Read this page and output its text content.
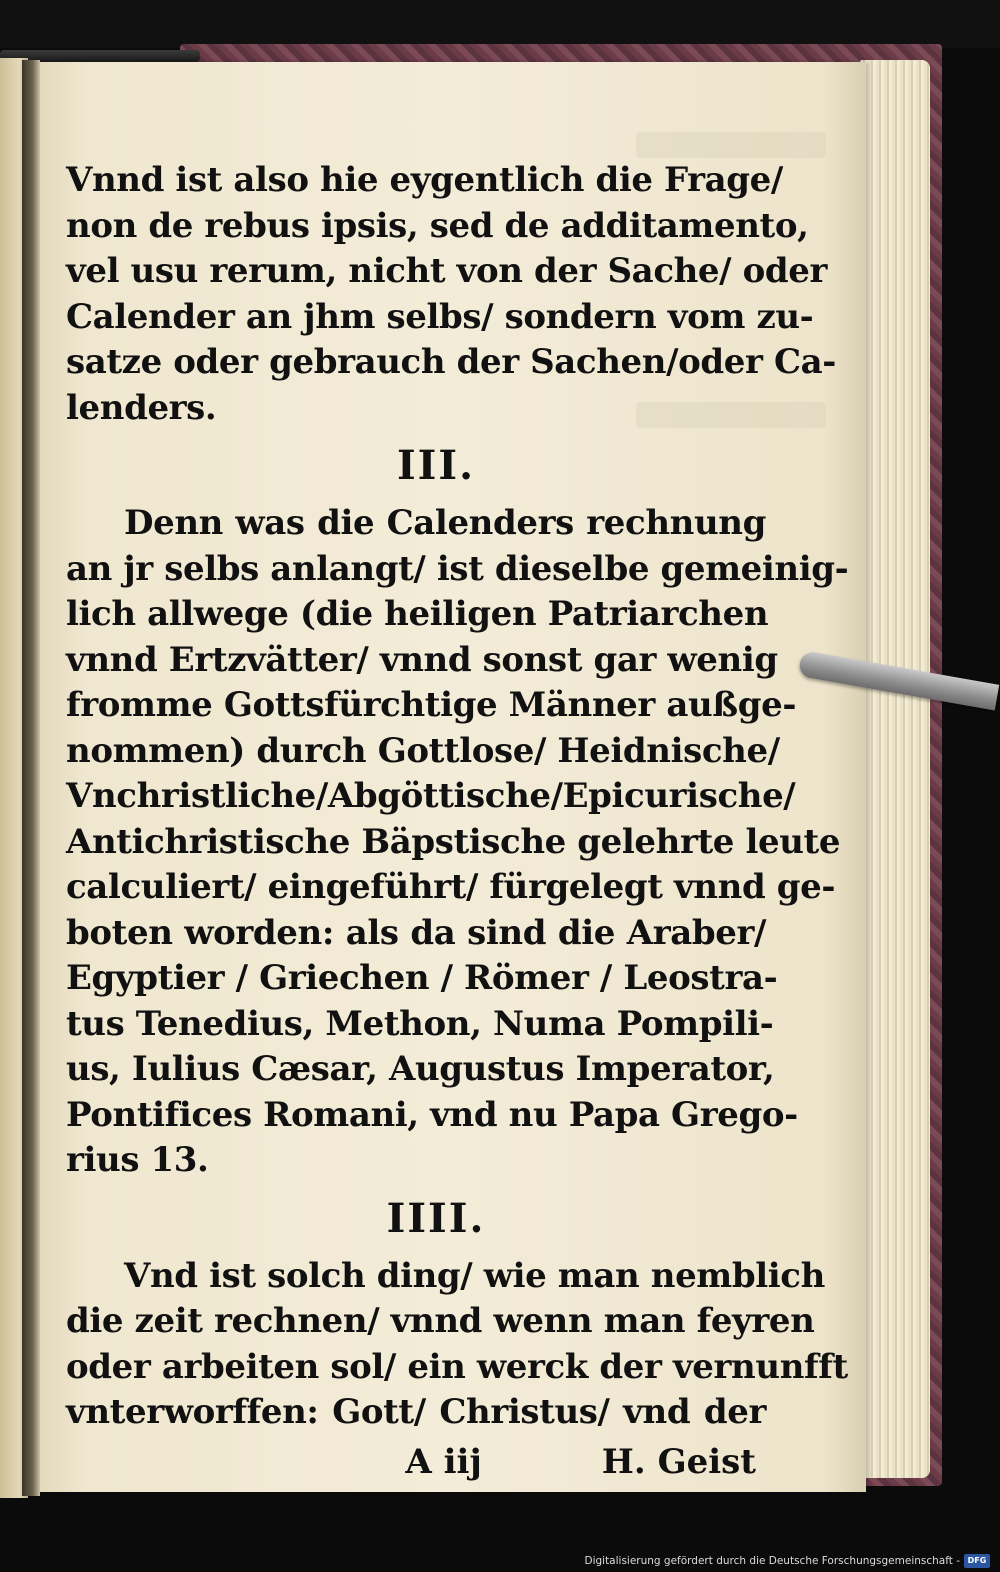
Vnnd ist also hie eygentlich die Frage/
non de rebus ipsis, sed de additamento,
vel usu rerum, nicht von der Sache/ oder
Calender an jhm selbs/ sondern vom zu-
satze oder gebrauch der Sachen/oder Ca-
lenders.
III.
Denn was die Calenders rechnung
an jr selbs anlangt/ ist dieselbe gemeinig-
lich allwege (die heiligen Patriarchen
vnnd Ertzvätter/ vnnd sonst gar wenig
fromme Gottsfürchtige Männer außge-
nommen) durch Gottlose/ Heidnische/
Vnchristliche/Abgöttische/Epicurische/
Antichristische Bäpstische gelehrte leute
calculiert/ eingeführt/ fürgelegt vnnd ge-
boten worden: als da sind die Araber/
Egyptier / Griechen / Römer / Leostra-
tus Tenedius, Methon, Numa Pompili-
us, Iulius Cæsar, Augustus Imperator,
Pontifices Romani, vnd nu Papa Grego-
rius 13.
IIII.
Vnd ist solch ding/ wie man nemblich
die zeit rechnen/ vnnd wenn man feyren
oder arbeiten sol/ ein werck der vernunfft
vnterworffen: Gott/ Christus/ vnd der
A iij	H. Geist
Digitalisierung gefördert durch die Deutsche Forschungsgemeinschaft - DFG
